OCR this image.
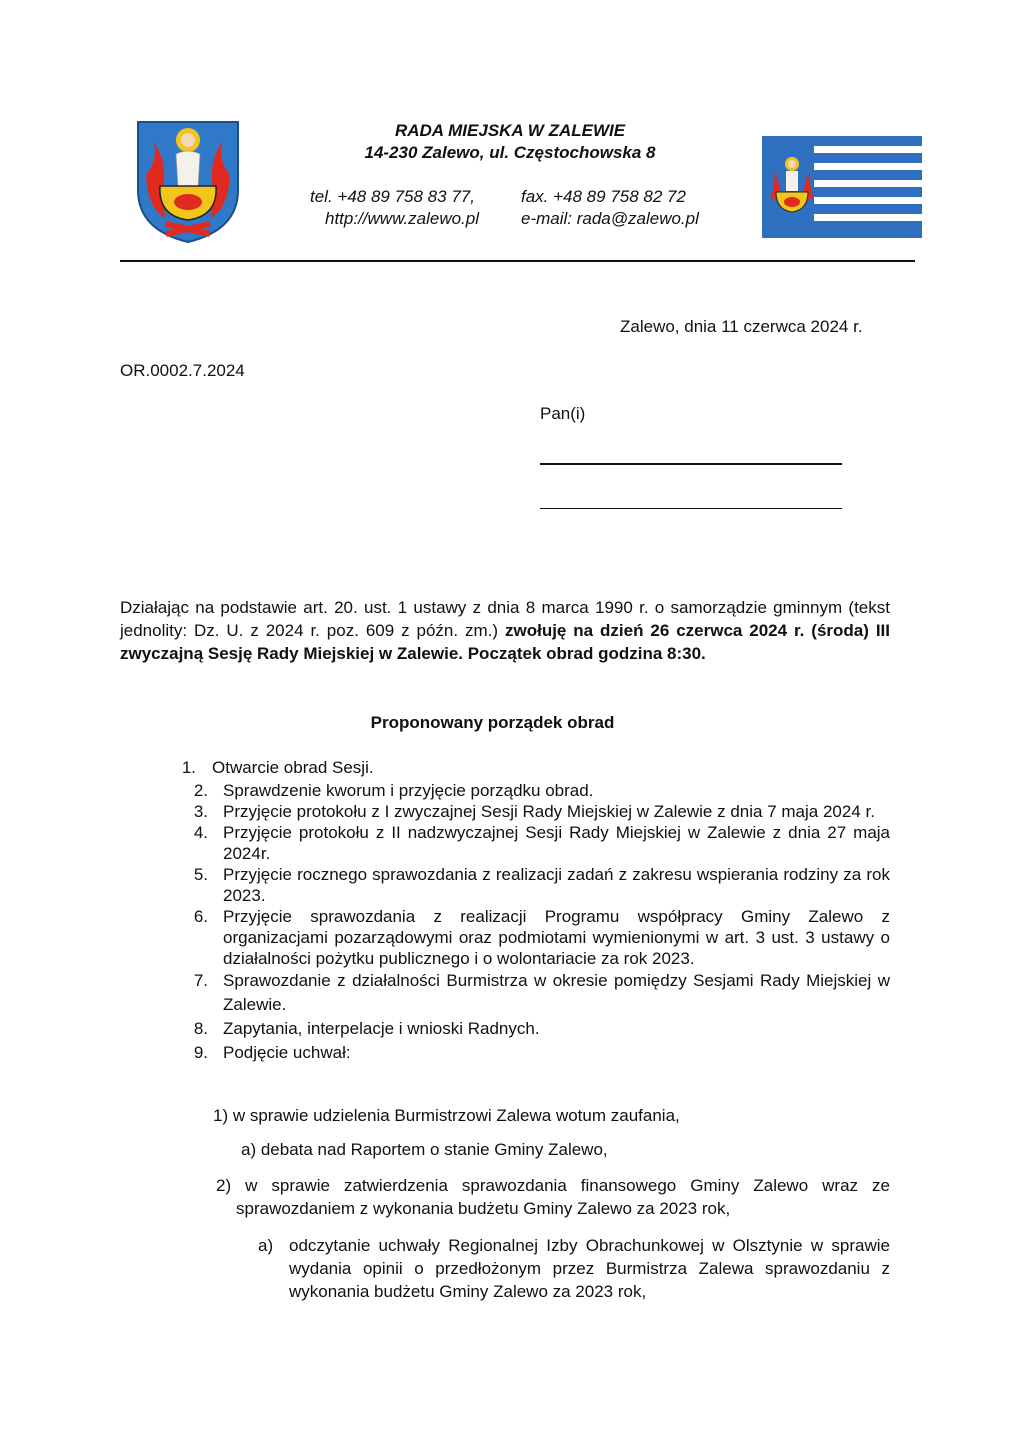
RADA MIEJSKA W ZALEWIE
14-230 Zalewo, ul. Częstochowska 8
tel. +48 89 758 83 77,	fax. +48 89 758 82 72
http://www.zalewo.pl e-mail: rada@zalewo.pl
Zalewo, dnia 11 czerwca 2024 r.
OR.0002.7.2024
Pan(i)
Działając na podstawie art. 20. ust. 1 ustawy z dnia 8 marca 1990 r. o samorządzie gminnym (tekst jednolity: Dz. U. z 2024 r. poz. 609 z późn. zm.) zwołuję na dzień 26 czerwca 2024 r. (środa) III zwyczajną Sesję Rady Miejskiej w Zalewie. Początek obrad godzina 8:30.
Proponowany porządek obrad
1. Otwarcie obrad Sesji.
2. Sprawdzenie kworum i przyjęcie porządku obrad.
3. Przyjęcie protokołu z I zwyczajnej Sesji Rady Miejskiej w Zalewie z dnia 7 maja 2024 r.
4. Przyjęcie protokołu z II nadzwyczajnej Sesji Rady Miejskiej w Zalewie z dnia 27 maja 2024r.
5. Przyjęcie rocznego sprawozdania z realizacji zadań z zakresu wspierania rodziny za rok 2023.
6. Przyjęcie sprawozdania z realizacji Programu współpracy Gminy Zalewo z organizacjami pozarządowymi oraz podmiotami wymienionymi w art. 3 ust. 3 ustawy o działalności pożytku publicznego i o wolontariacie za rok 2023.
7. Sprawozdanie z działalności Burmistrza w okresie pomiędzy Sesjami Rady Miejskiej w Zalewie.
8. Zapytania, interpelacje i wnioski Radnych.
9. Podjęcie uchwał:
1) w sprawie udzielenia Burmistrzowi Zalewa wotum zaufania,
a) debata nad Raportem o stanie Gminy Zalewo,
2) w sprawie zatwierdzenia sprawozdania finansowego Gminy Zalewo wraz ze sprawozdaniem z wykonania budżetu Gminy Zalewo za 2023 rok,
a) odczytanie uchwały Regionalnej Izby Obrachunkowej w Olsztynie w sprawie wydania opinii o przedłożonym przez Burmistrza Zalewa sprawozdaniu z wykonania budżetu Gminy Zalewo za 2023 rok,
